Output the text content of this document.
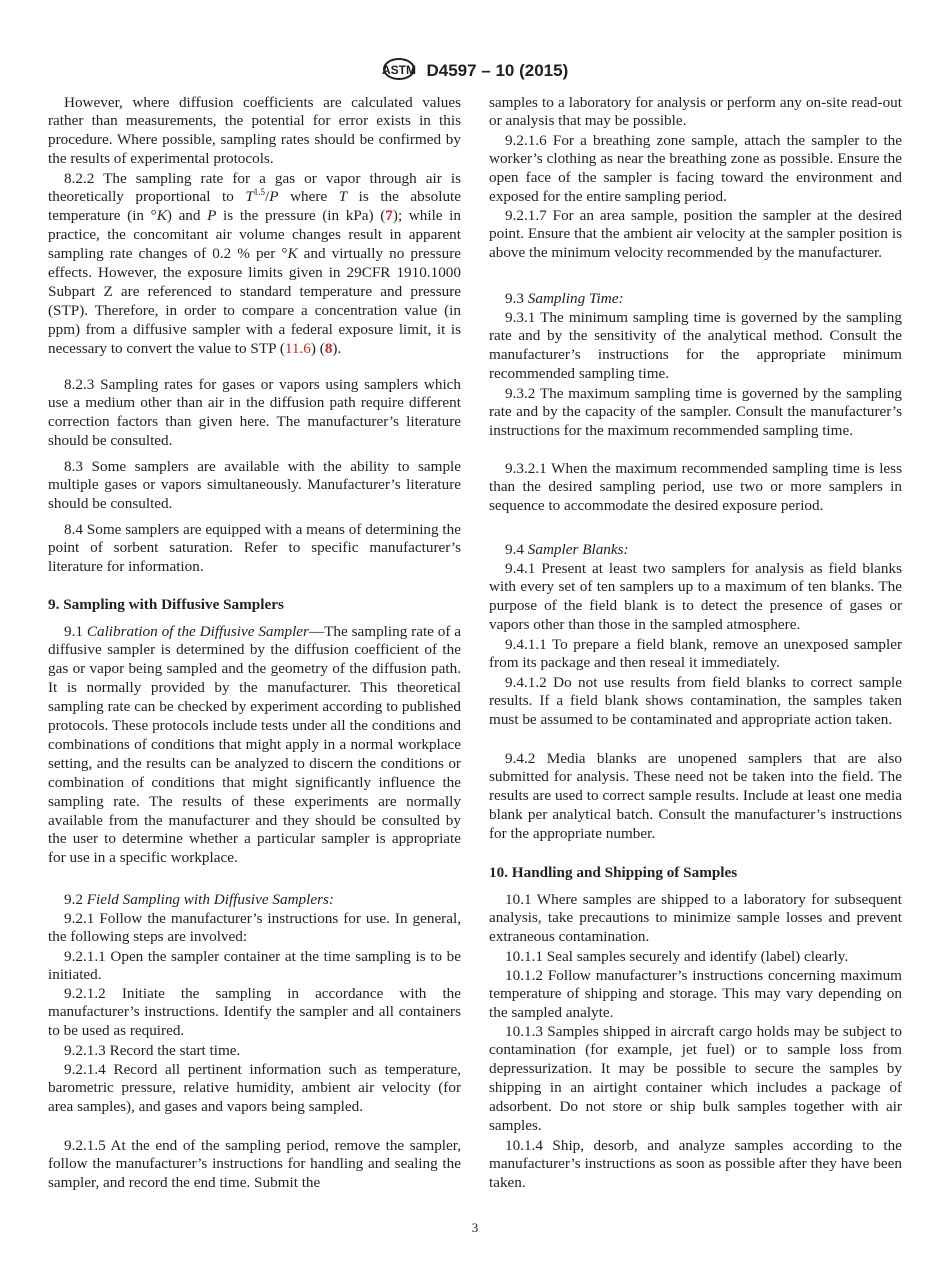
ASTM D4597 – 10 (2015)

However, where diffusion coefficients are calculated values rather than measurements, the potential for error exists in this procedure. Where possible, sampling rates should be confirmed by the results of experimental protocols.

8.2.2 The sampling rate for a gas or vapor through air is theoretically proportional to $T^{1.5}/P$ where T is the absolute temperature (in °K) and P is the pressure (in kPa) (7); while in practice, the concomitant air volume changes result in apparent sampling rate changes of 0.2 % per °K and virtually no pressure effects. However, the exposure limits given in 29CFR 1910.1000 Subpart Z are referenced to standard temperature and pressure (STP). Therefore, in order to compare a concentration value (in ppm) from a diffusive sampler with a federal exposure limit, it is necessary to convert the value to STP (11.6) (8).

8.2.3 Sampling rates for gases or vapors using samplers which use a medium other than air in the diffusion path require different correction factors than given here. The manufacturer’s literature should be consulted.

8.3 Some samplers are available with the ability to sample multiple gases or vapors simultaneously. Manufacturer’s literature should be consulted.

8.4 Some samplers are equipped with a means of determining the point of sorbent saturation. Refer to specific manufacturer’s literature for information.

9. Sampling with Diffusive Samplers

9.1 Calibration of the Diffusive Sampler—The sampling rate of a diffusive sampler is determined by the diffusion coefficient of the gas or vapor being sampled and the geometry of the diffusion path. It is normally provided by the manufacturer. This theoretical sampling rate can be checked by experiment according to published protocols. These protocols include tests under all the conditions and combinations of conditions that might apply in a normal workplace setting, and the results can be analyzed to discern the conditions or combination of conditions that might significantly influence the sampling rate. The results of these experiments are normally available from the manufacturer and they should be consulted by the user to determine whether a particular sampler is appropriate for use in a specific workplace.

9.2 Field Sampling with Diffusive Samplers:

9.2.1 Follow the manufacturer’s instructions for use. In general, the following steps are involved:

9.2.1.1 Open the sampler container at the time sampling is to be initiated.

9.2.1.2 Initiate the sampling in accordance with the manufacturer’s instructions. Identify the sampler and all containers to be used as required.

9.2.1.3 Record the start time.

9.2.1.4 Record all pertinent information such as temperature, barometric pressure, relative humidity, ambient air velocity (for area samples), and gases and vapors being sampled.

9.2.1.5 At the end of the sampling period, remove the sampler, follow the manufacturer’s instructions for handling and sealing the sampler, and record the end time. Submit the

samples to a laboratory for analysis or perform any on-site read-out or analysis that may be possible.

9.2.1.6 For a breathing zone sample, attach the sampler to the worker’s clothing as near the breathing zone as possible. Ensure the open face of the sampler is facing toward the environment and exposed for the entire sampling period.

9.2.1.7 For an area sample, position the sampler at the desired point. Ensure that the ambient air velocity at the sampler position is above the minimum velocity recommended by the manufacturer.

9.3 Sampling Time:

9.3.1 The minimum sampling time is governed by the sampling rate and by the sensitivity of the analytical method. Consult the manufacturer’s instructions for the appropriate minimum recommended sampling time.

9.3.2 The maximum sampling time is governed by the sampling rate and by the capacity of the sampler. Consult the manufacturer’s instructions for the maximum recommended sampling time.

9.3.2.1 When the maximum recommended sampling time is less than the desired sampling period, use two or more samplers in sequence to accommodate the desired exposure period.

9.4 Sampler Blanks:

9.4.1 Present at least two samplers for analysis as field blanks with every set of ten samplers up to a maximum of ten blanks. The purpose of the field blank is to detect the presence of gases or vapors other than those in the sampled atmosphere.

9.4.1.1 To prepare a field blank, remove an unexposed sampler from its package and then reseal it immediately.

9.4.1.2 Do not use results from field blanks to correct sample results. If a field blank shows contamination, the samples taken must be assumed to be contaminated and appropriate action taken.

9.4.2 Media blanks are unopened samplers that are also submitted for analysis. These need not be taken into the field. The results are used to correct sample results. Include at least one media blank per analytical batch. Consult the manufacturer’s instructions for the appropriate number.

10. Handling and Shipping of Samples

10.1 Where samples are shipped to a laboratory for subsequent analysis, take precautions to minimize sample losses and prevent extraneous contamination.

10.1.1 Seal samples securely and identify (label) clearly.

10.1.2 Follow manufacturer’s instructions concerning maximum temperature of shipping and storage. This may vary depending on the sampled analyte.

10.1.3 Samples shipped in aircraft cargo holds may be subject to contamination (for example, jet fuel) or to sample loss from depressurization. It may be possible to secure the samples by shipping in an airtight container which includes a package of adsorbent. Do not store or ship bulk samples together with air samples.

10.1.4 Ship, desorb, and analyze samples according to the manufacturer’s instructions as soon as possible after they have been taken.

3
